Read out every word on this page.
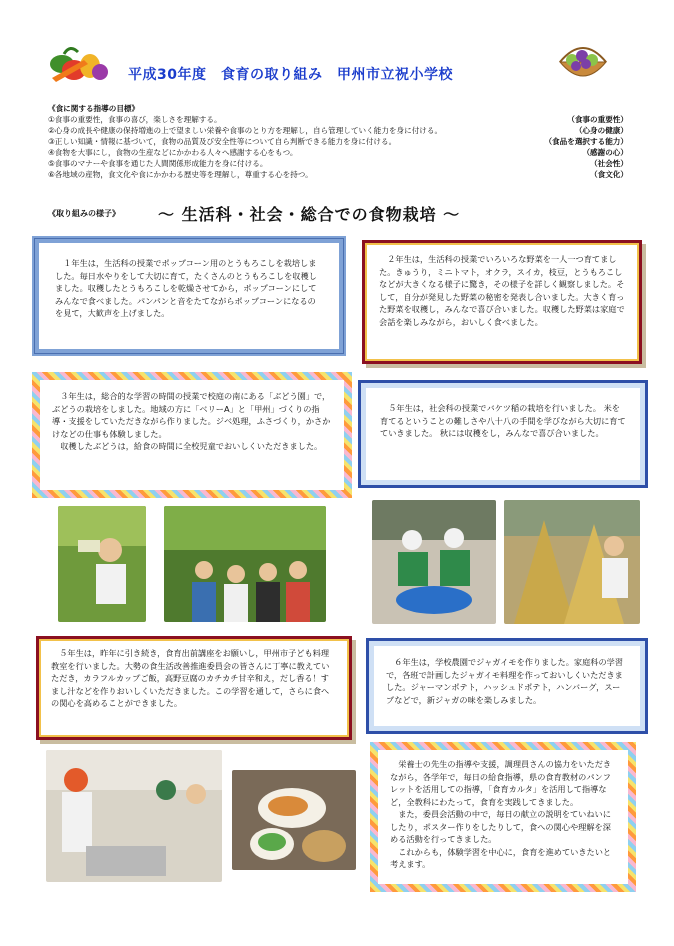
平成30年度　食育の取り組み　甲州市立祝小学校
《食に関する指導の目標》
①食事の重要性，食事の喜び，楽しさを理解する。	（食事の重要性）
②心身の成長や健康の保持増進の上で望ましい栄養や食事のとり方を理解し，自ら管理していく能力を身に付ける。	（心身の健康）
③正しい知識・情報に基づいて，食物の品質及び安全性等について自ら判断できる能力を身に付ける。	（食品を選択する能力）
④食物を大事にし，食物の生産などにかかわる人々へ感謝する心をもつ。	（感謝の心）
⑤食事のマナーや食事を通じた人間関係形成能力を身に付ける。	（社会性）
⑥各地域の産物，食文化や食にかかわる歴史等を理解し，尊重する心を持つ。	（食文化）
《取り組みの様子》 ～ 生活科・社会・総合での食物栽培 ～

１年生は，生活科の授業でポップコーン用のとうもろこしを栽培しました。毎日水やりをして大切に育て，たくさんのとうもろこしを収穫しました。収穫したとうもろこしを乾燥させてから，ポップコーンにしてみんなで食べました。パンパンと音をたてながらポップコーンになるのを見て，大歓声を上げました。

２年生は，生活科の授業でいろいろな野菜を一人一つ育てました。きゅうり，ミニトマト，オクラ，スイカ，枝豆，とうもろこしなどが大きくなる様子に驚き，その様子を詳しく観察しました。そして，自分が発見した野菜の秘密を発表し合いました。大きく育った野菜を収穫し，みんなで喜び合いました。収穫した野菜は家庭で会話を楽しみながら，おいしく食べました。

３年生は，総合的な学習の時間の授業で校庭の南にある「ぶどう園」で，ぶどうの栽培をしました。地域の方に「ベリーA」と「甲州」づくりの指導・支援をしていただきながら作りました。ジベ処理，ふさづくり，かさかけなどの仕事も体験しました。

収穫したぶどうは，給食の時間に全校児童でおいしくいただきました。

５年生は，社会科の授業でバケツ稲の栽培を行いました。 米を育てるということの難しさや八十八の手間を学びながら大切に育てていきました。 秋には収穫をし，みんなで喜び合いました。

５年生は，昨年に引き続き，食育出前講座をお願いし，甲州市子ども料理教室を行いました。大勢の食生活改善推進委員会の皆さんに丁寧に教えていただき，カラフルカップご飯，高野豆腐のカチカチ甘辛和え，だし香る！すまし汁などを作りおいしくいただきました。この学習を通して，さらに食への関心を高めることができました。

６年生は，学校農園でジャガイモを作りました。家庭科の学習で，各班で計画したジャガイモ料理を作っておいしくいただきました。ジャーマンポテト，ハッシュドポテト，ハンバーグ，スープなどで，新ジャガの味を楽しみました。

栄養士の先生の指導や支援，調理員さんの協力をいただきながら，各学年で，毎日の給食指導，県の食育教材のパンフレットを活用しての指導，「食育カルタ」を活用して指導など，全教科にわたって，食育を実践してきました。

また，委員会活動の中で，毎日の献立の説明をていねいにしたり，ポスター作りをしたりして，食への関心や理解を深める活動を行ってきました。

これからも，体験学習を中心に，食育を進めていきたいと考えます。
